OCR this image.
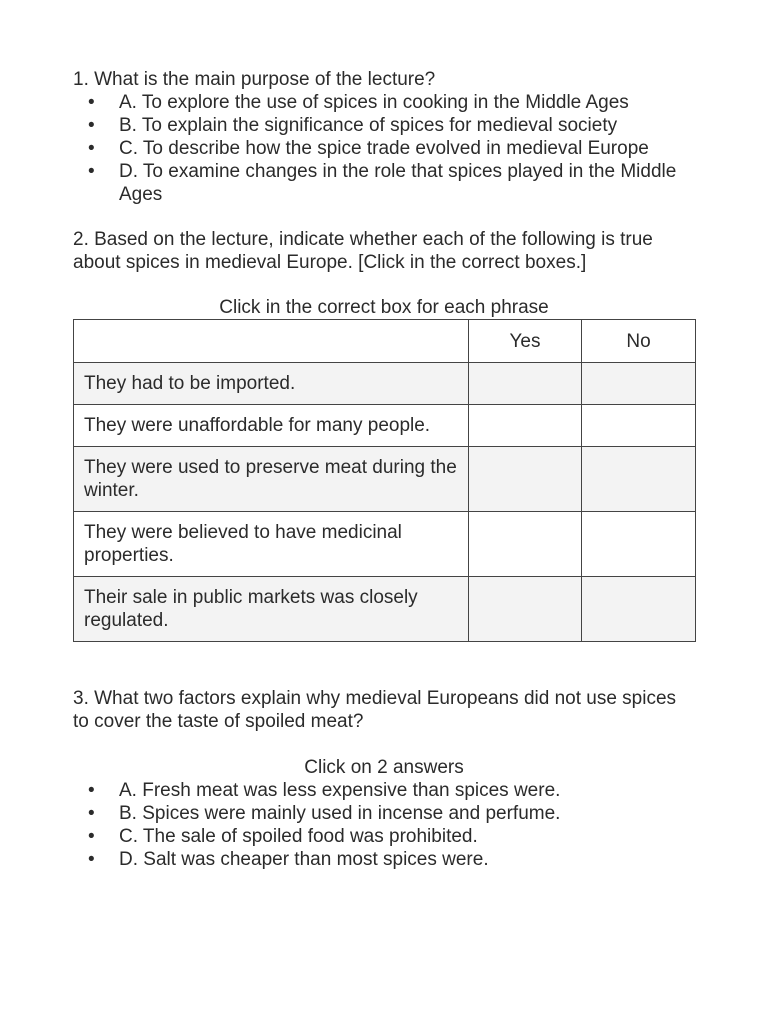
1. What is the main purpose of the lecture?

• A. To explore the use of spices in cooking in the Middle Ages
• B. To explain the significance of spices for medieval society
• C. To describe how the spice trade evolved in medieval Europe
• D. To examine changes in the role that spices played in the Middle Ages

2. Based on the lecture, indicate whether each of the following is true about spices in medieval Europe. [Click in the correct boxes.]

Click in the correct box for each phrase

	Yes	No
They had to be imported.		
They were unaffordable for many people.		
They were used to preserve meat during the winter.		
They were believed to have medicinal properties.		
Their sale in public markets was closely regulated.		

3. What two factors explain why medieval Europeans did not use spices to cover the taste of spoiled meat?

Click on 2 answers

• A. Fresh meat was less expensive than spices were.
• B. Spices were mainly used in incense and perfume.
• C. The sale of spoiled food was prohibited.
• D. Salt was cheaper than most spices were.
